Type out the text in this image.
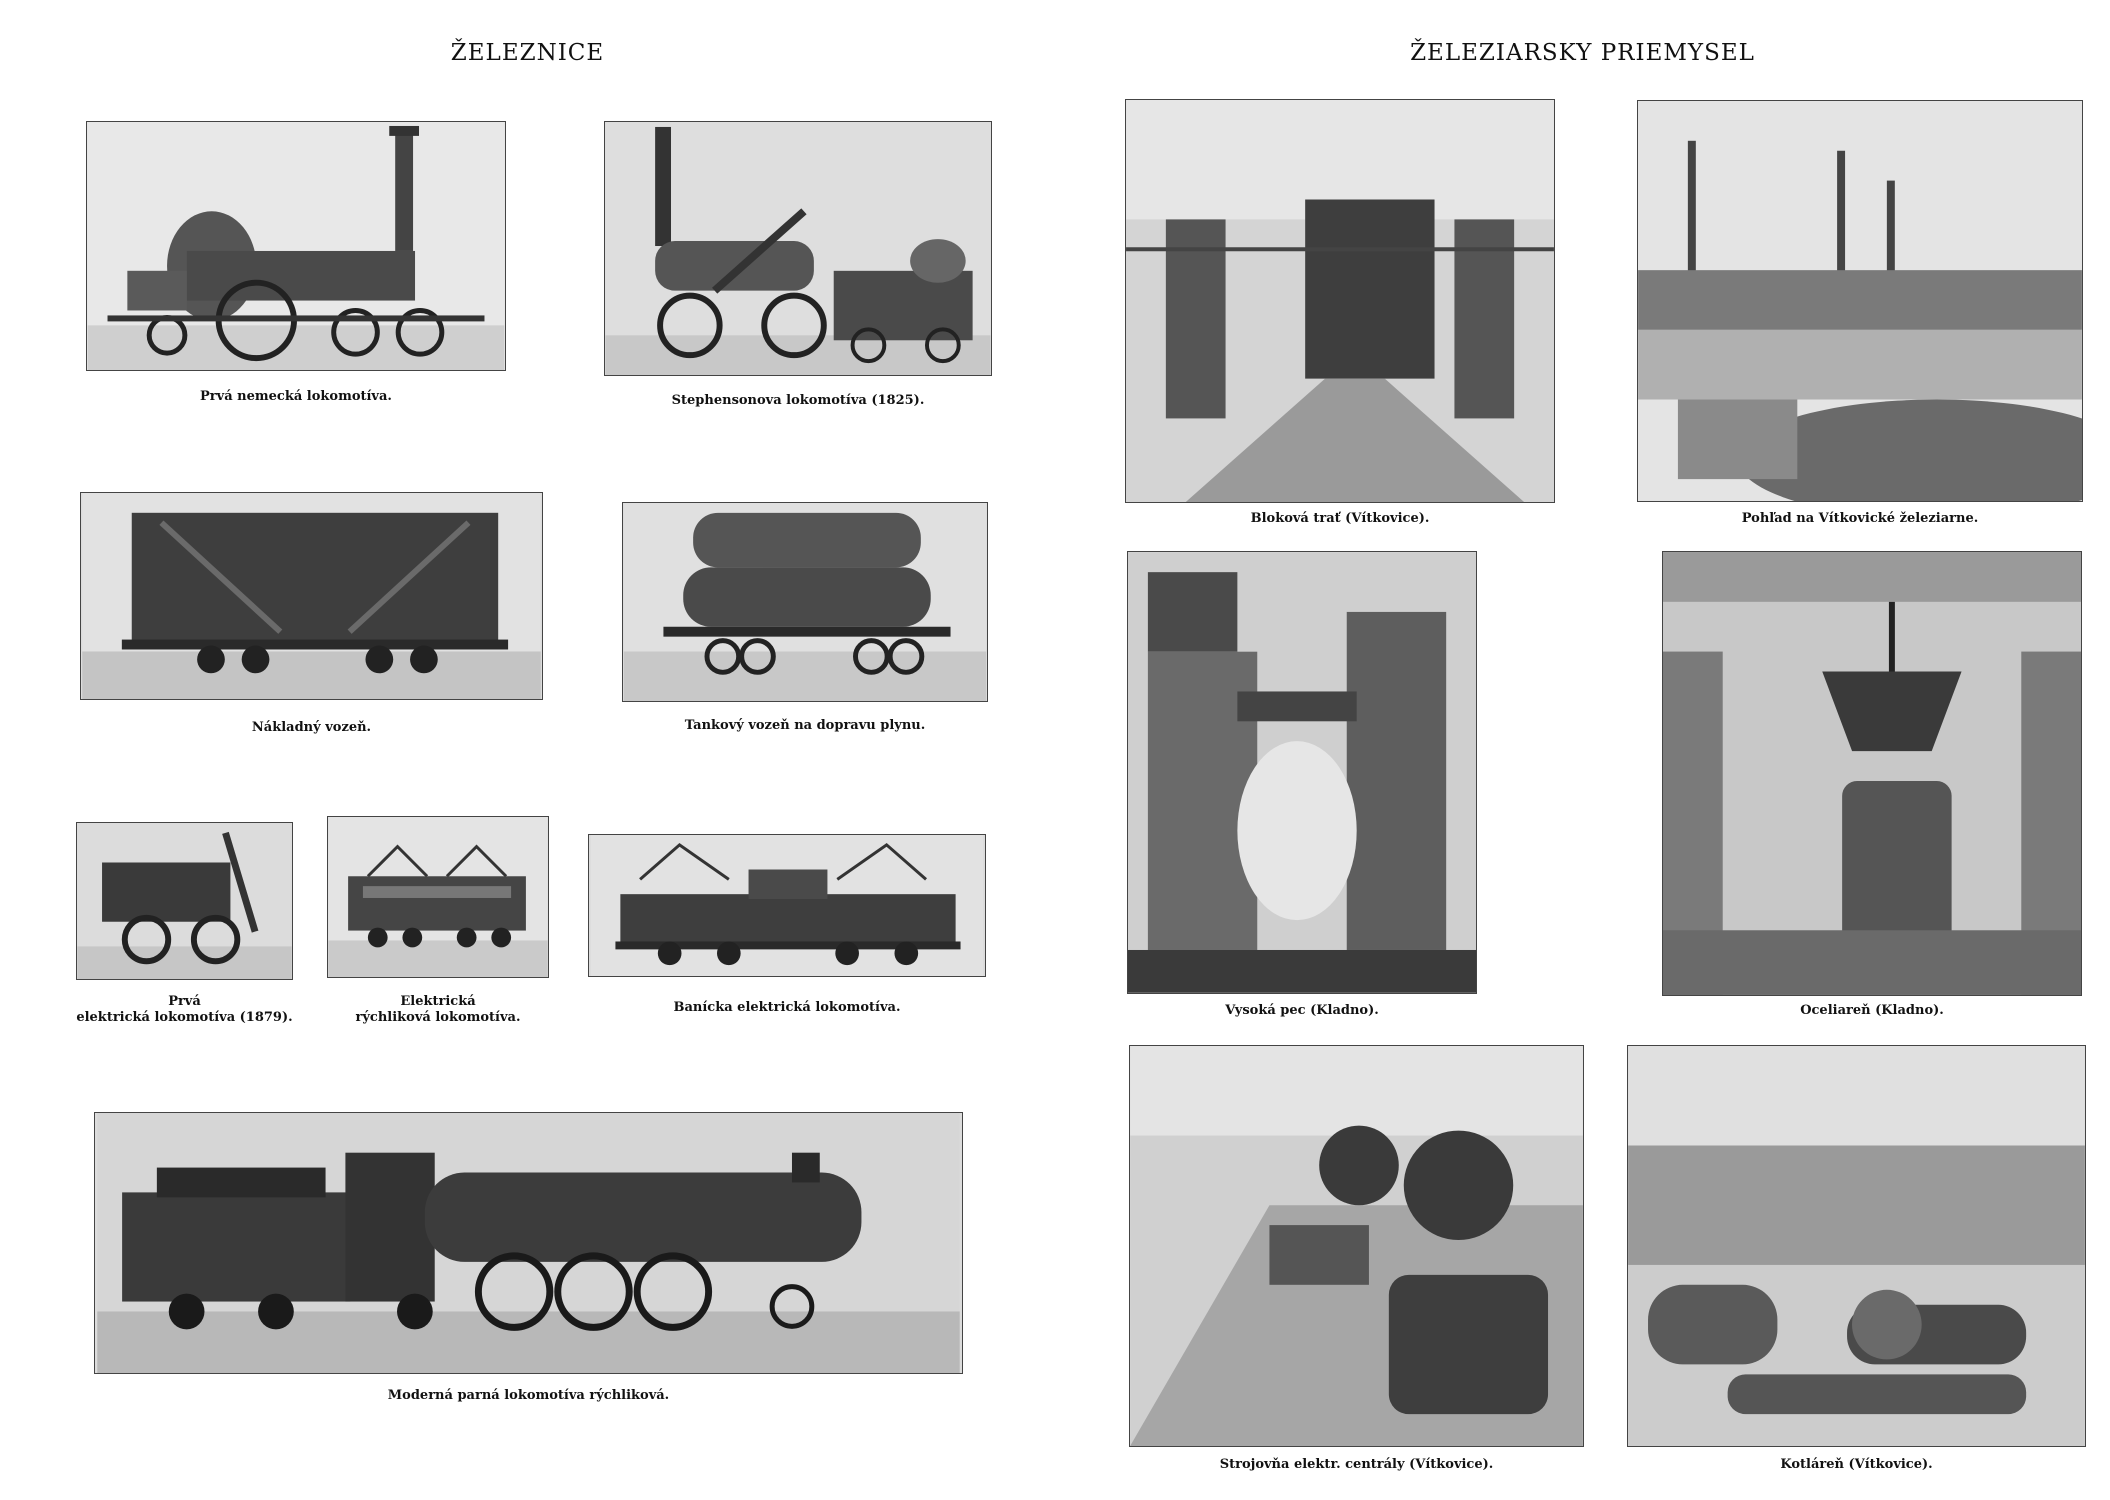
ŽELEZNICE
Prvá nemecká lokomotíva.	Stephensonova lokomotíva (1825).
Nákladný vozeň.	Tankový vozeň na dopravu plynu.
Prvá
elektrická lokomotíva (1879).
Elektrická
rýchliková lokomotíva.
Banícka elektrická lokomotíva.
Moderná parná lokomotíva rýchliková.
ŽELEZIARSKY PRIEMYSEL
Bloková trať (Vítkovice).	Pohľad na Vítkovické železiarne.
Vysoká pec (Kladno).	Oceliareň (Kladno).
Strojovňa elektr. centrály (Vítkovice).	Kotláreň (Vítkovice).
